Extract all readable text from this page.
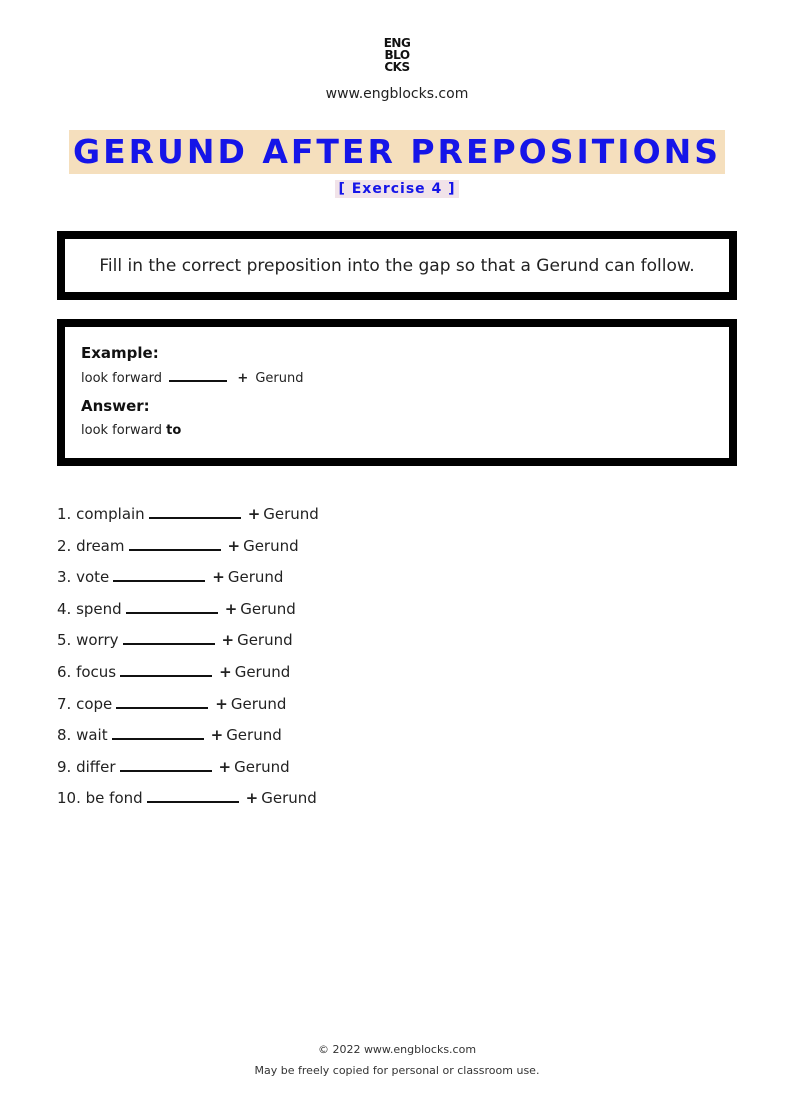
ENG
BLO
CKS
www.engblocks.com
GERUND AFTER PREPOSITIONS
[ Exercise 4 ]
Fill in the correct preposition into the gap so that a Gerund can follow.

Example:

look forward	+ Gerund

Answer:

look forward to

1. complain	+ Gerund
2. dream	+ Gerund
3. vote	+ Gerund
4. spend	+ Gerund
5. worry	+ Gerund
6. focus	+ Gerund
7. cope	+ Gerund
8. wait	+ Gerund
9. differ	+ Gerund
10. be fond	+ Gerund
© 2022 www.engblocks.com
May be freely copied for personal or classroom use.
